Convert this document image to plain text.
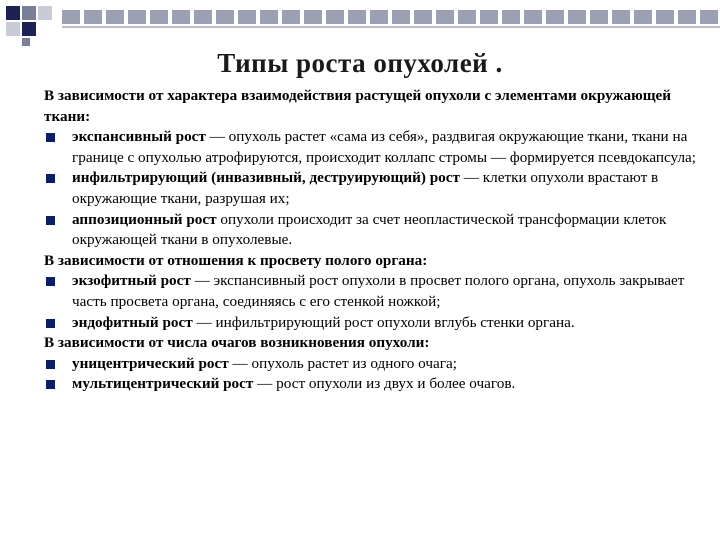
Типы роста опухолей .
В зависимости от характера взаимодействия растущей опухоли с элементами окружающей ткани:
экспансивный рост — опухоль растет «сама из себя», раздвигая окружающие ткани, ткани на границе с опухолью атрофируются, происходит коллапс стромы — формируется псевдокапсула;
инфильтрирующий (инвазивный, деструирующий) рост — клетки опухоли врастают в окружающие ткани, разрушая их;
аппозиционный рост опухоли происходит за счет неопластической трансформации клеток окружающей ткани в опухолевые.
В зависимости от отношения к просвету полого органа:
экзофитный рост — экспансивный рост опухоли в просвет полого органа, опухоль закрывает часть просвета органа, соединяясь с его стенкой ножкой;
эндофитный рост — инфильтрирующий рост опухоли вглубь стенки органа.
В зависимости от числа очагов возникновения опухоли:
уницентрический рост — опухоль растет из одного очага;
мультицентрический рост — рост опухоли из двух и более очагов.
